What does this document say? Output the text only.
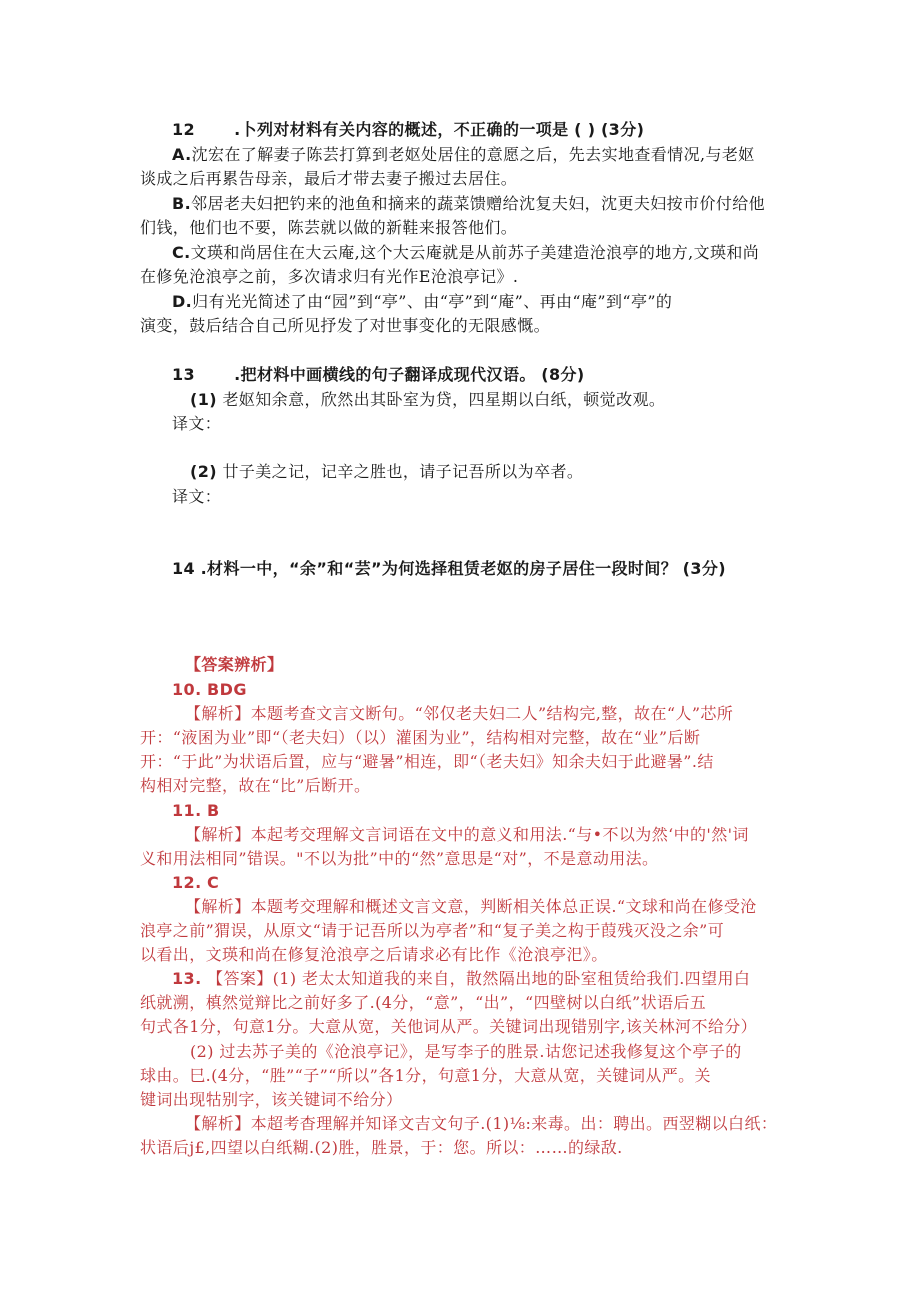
12 .卜列对材料有关内容的概述，不正确的一项是 ( ) (3分)
A.沈宏在了解妻子陈芸打算到老妪处居住的意愿之后，先去实地查看情况,与老妪
谈成之后再累告母亲，最后才带去妻子搬过去居住。
B.邻居老夫妇把钓来的池鱼和摘来的蔬菜馈赠给沈复夫妇，沈更夫妇按市价付给他
们钱，他们也不要，陈芸就以做的新鞋来报答他们。
C.文瑛和尚居住在大云庵,这个大云庵就是从前苏子美建造沧浪亭的地方,文瑛和尚
在修免沧浪亭之前，多次请求归有光作E沧浪亭记》.
D.归有光光简述了由“园”到“亭”、由“亭”到“庵”、再由“庵”到“亭”的
演变，鼓后结合自己所见抒发了对世事变化的无限感慨。
13 .把材料中画横线的句子翻译成现代汉语。 (8分)
(1) 老妪知余意，欣然出其卧室为贷，四星期以白纸，顿觉改观。
译文：
(2) 廿子美之记，记辛之胜也，请子记吾所以为卒者。
译文：
14 .材料一中，“余”和“芸”为何选择租赁老妪的房子居住一段时间？ (3分)
【答案辨析】
10. BDG
【解析】本题考查文言文断句。“邻仅老夫妇二人”结构完,整，故在“人”芯所
开：“液囷为业”即“（老夫妇）（以）灌囷为业”，结构相对完整，故在“业”后断
开：“于此”为状语后置，应与“避暑”相连，即“（老夫妇》知余夫妇于此避暑”.结
构相对完整，故在“比”后断开。
11. B
【解析】本起考交理解文言词语在文中的意义和用法.“与•不以为然‘中的'然'词
义和用法相同”错误。"不以为批”中的“然”意思是“对”，不是意动用法。
12. C
【解析】本题考交理解和概述文言文意，判断相关体总正误.“文球和尚在修受沧
浪亭之前”猬误，从原文“请于记吾所以为亭者”和“复子美之构于葭残灭没之余”可
以看出，文瑛和尚在修复沧浪亭之后请求必有比作《沧浪亭汜》。
13. 【答案】(1) 老太太知道我的来自，散然隔出地的卧室租赁给我们.四望用白
纸就溯，槙然觉辩比之前好多了.(4分，“意”，“出”，“四壁树以白纸”状语后五
句式各1分，句意1分。大意从宽，关他词从严。关键词出现错别字,该关林河不给分）
(2) 过去苏子美的《沧浪亭记》，是写李子的胜景.诂您记述我修复这个亭子的
球由。巳.(4分，“胜”“子”“所以”各1分，句意1分，大意从宽，关键词从严。关
键词出现牯别字，该关键词不给分）
【解析】本超考杳理解并知译文吉文句子.(1)⅛:来毒。出：聘出。西翌糊以白纸：
状语后j£,四望以白纸糊.(2)胜，胜景，于：您。所以：……的绿敌.
